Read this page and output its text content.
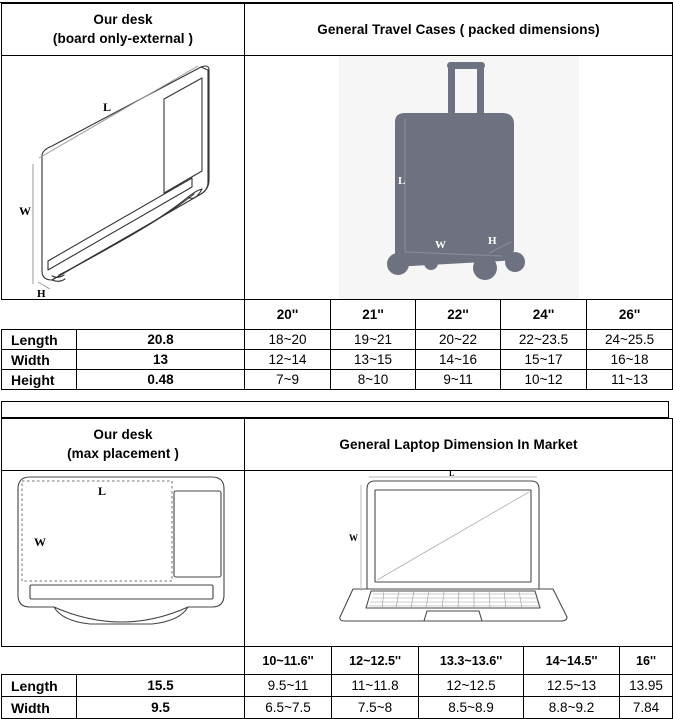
Our desk
(board only-external )		General Travel Cases ( packed dimensions)				

L
W
H		L
W H				

		20''	21''	22''	24''	26''
Length	20.8	18~20	19~21	20~22	22~23.5	24~25.5
Width	13	12~14	13~15	14~16	15~17	16~18
Height	0.48	7~9	8~10	9~11	10~12	11~13
Our desk
(max placement )		General Laptop Dimension In Market				

L
W		L
W				

		10~11.6''	12~12.5''	13.3~13.6''	14~14.5''	16''
Length	15.5	9.5~11	11~11.8	12~12.5	12.5~13	13.95
Width	9.5	6.5~7.5	7.5~8	8.5~8.9	8.8~9.2	7.84
